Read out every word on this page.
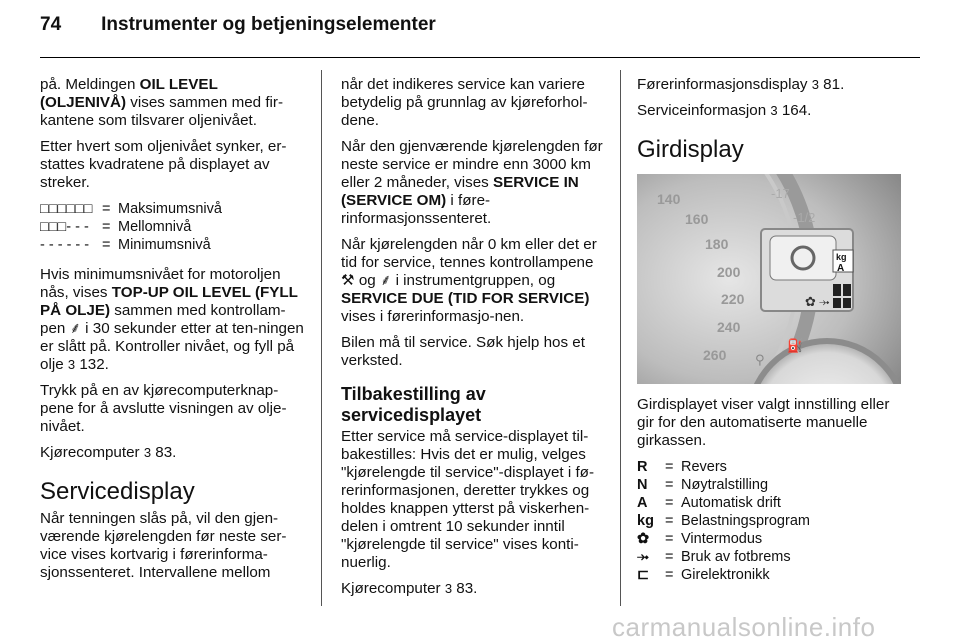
74 Instrumenter og betjeningselementer

på. Meldingen OIL LEVEL (OLJENIVÅ) vises sammen med fir-kantene som tilsvarer oljenivået.

Etter hvert som oljenivået synker, er-stattes kvadratene på displayet av streker.

□□□□□□	=	Maksimumsnivå
□□□- - -	=	Mellomnivå
- - - - - -	=	Minimumsnivå

Hvis minimumsnivået for motoroljen nås, vises TOP-UP OIL LEVEL (FYLL PÅ OLJE) sammen med kontrollam-pen ⸙ i 30 sekunder etter at ten-ningen er slått på. Kontroller nivået, og fyll på olje 3 132.

Trykk på en av kjørecomputerknap-pene for å avslutte visningen av olje-nivået.

Kjørecomputer 3 83.

Servicedisplay

Når tenningen slås på, vil den gjen-værende kjørelengden før neste ser-vice vises kortvarig i førerinforma-sjonssenteret. Intervallene mellom

når det indikeres service kan variere betydelig på grunnlag av kjøreforhol-dene.

Når den gjenværende kjørelengden før neste service er mindre enn 3000 km eller 2 måneder, vises SERVICE IN (SERVICE OM) i føre-rinformasjonssenteret.

Når kjørelengden når 0 km eller det er tid for service, tennes kontrollampene ⚒ og ⸙ i instrumentgruppen, og SERVICE DUE (TID FOR SERVICE) vises i førerinformasjo-nen.

Bilen må til service. Søk hjelp hos et verksted.

Tilbakestilling av servicedisplayet

Etter service må service-displayet til-bakestilles: Hvis det er mulig, velges "kjørelengde til service"-displayet i fø-rerinformasjonen, deretter trykkes og holdes knappen ytterst på viskerhen-delen i omtrent 10 sekunder inntil "kjørelengde til service" vises konti-nuerlig.

Kjørecomputer 3 83.

Førerinformasjonsdisplay 3 81.

Serviceinformasjon 3 164.

Girdisplay
140
160
180
200
220
240
260
-17
-1/2
kg
A
✿ ⤞
⚲
⛽

Girdisplayet viser valgt innstilling eller gir for den automatiserte manuelle girkassen.

R	=	Revers
N	=	Nøytralstilling
A	=	Automatisk drift
kg	=	Belastningsprogram
✿	=	Vintermodus
⤞	=	Bruk av fotbrems
⊏	=	Girelektronikk
carmanualsonline.info
